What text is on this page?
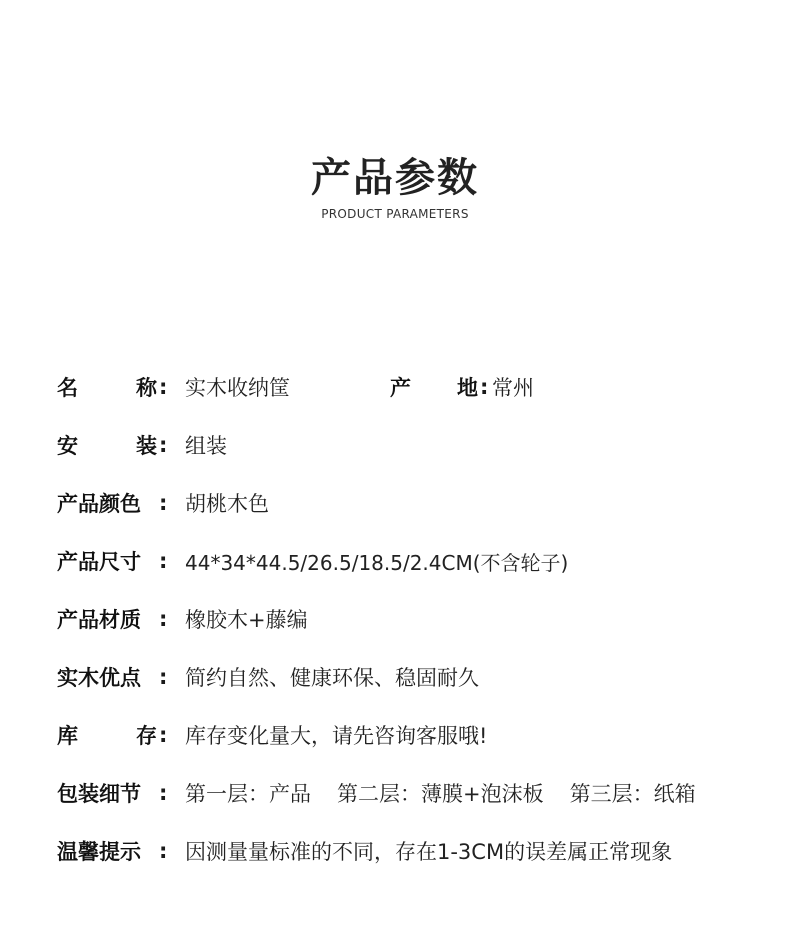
产品参数
PRODUCT PARAMETERS
名	称 : 实木收纳筐	产 地 : 常州
安	装 : 组装
产品颜色 : 胡桃木色
产品尺寸 : 44*34*44.5/26.5/18.5/2.4CM(不含轮子)
产品材质 : 橡胶木+藤编
实木优点 : 简约自然、健康环保、稳固耐久
库	存 : 库存变化量大，请先咨询客服哦!
包装细节 : 第一层：产品 第二层：薄膜+泡沫板 第三层：纸箱
温馨提示 : 因测量量标准的不同，存在1-3CM的误差属正常现象
